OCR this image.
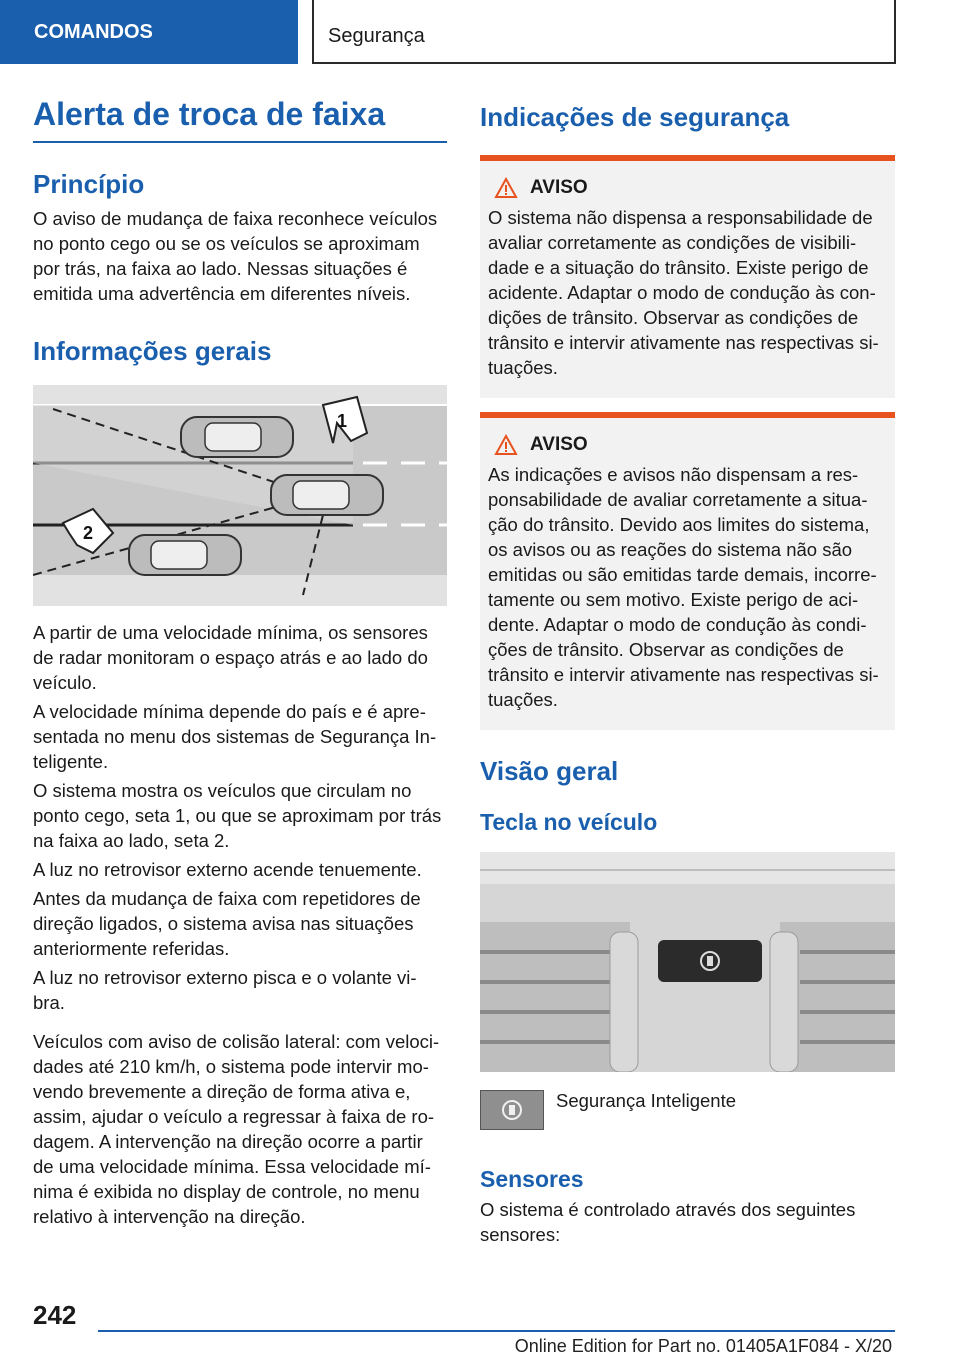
COMANDOS	Segurança
Alerta de troca de faixa
Princípio

O aviso de mudança de faixa reconhece veículos no ponto cego ou se os veículos se aproximam por trás, na faixa ao lado. Nessas situações é emitida uma advertência em diferentes níveis.

Informações gerais
1
2

A partir de uma velocidade mínima, os sensores de radar monitoram o espaço atrás e ao lado do veículo.

A velocidade mínima depende do país e é apre-sentada no menu dos sistemas de Segurança In-teligente.

O sistema mostra os veículos que circulam no ponto cego, seta 1, ou que se aproximam por trás na faixa ao lado, seta 2.

A luz no retrovisor externo acende tenuemente.

Antes da mudança de faixa com repetidores de direção ligados, o sistema avisa nas situações anteriormente referidas.

A luz no retrovisor externo pisca e o volante vi-bra.

Veículos com aviso de colisão lateral: com veloci-dades até 210 km/h, o sistema pode intervir mo-vendo brevemente a direção de forma ativa e, assim, ajudar o veículo a regressar à faixa de ro-dagem. A intervenção na direção ocorre a partir de uma velocidade mínima. Essa velocidade mí-nima é exibida no display de controle, no menu relativo à intervenção na direção.

Indicações de segurança
AVISO

O sistema não dispensa a responsabilidade de avaliar corretamente as condições de visibili-dade e a situação do trânsito. Existe perigo de acidente. Adaptar o modo de condução às con-dições de trânsito. Observar as condições de trânsito e intervir ativamente nas respectivas si-tuações.

AVISO

As indicações e avisos não dispensam a res-ponsabilidade de avaliar corretamente a situa-ção do trânsito. Devido aos limites do sistema, os avisos ou as reações do sistema não são emitidas ou são emitidas tarde demais, incorre-tamente ou sem motivo. Existe perigo de aci-dente. Adaptar o modo de condução às condi-ções de trânsito. Observar as condições de trânsito e intervir ativamente nas respectivas si-tuações.

Visão geral
Tecla no veículo
Segurança Inteligente
Sensores

O sistema é controlado através dos seguintes sensores:

242
Online Edition for Part no. 01405A1F084 - X/20
